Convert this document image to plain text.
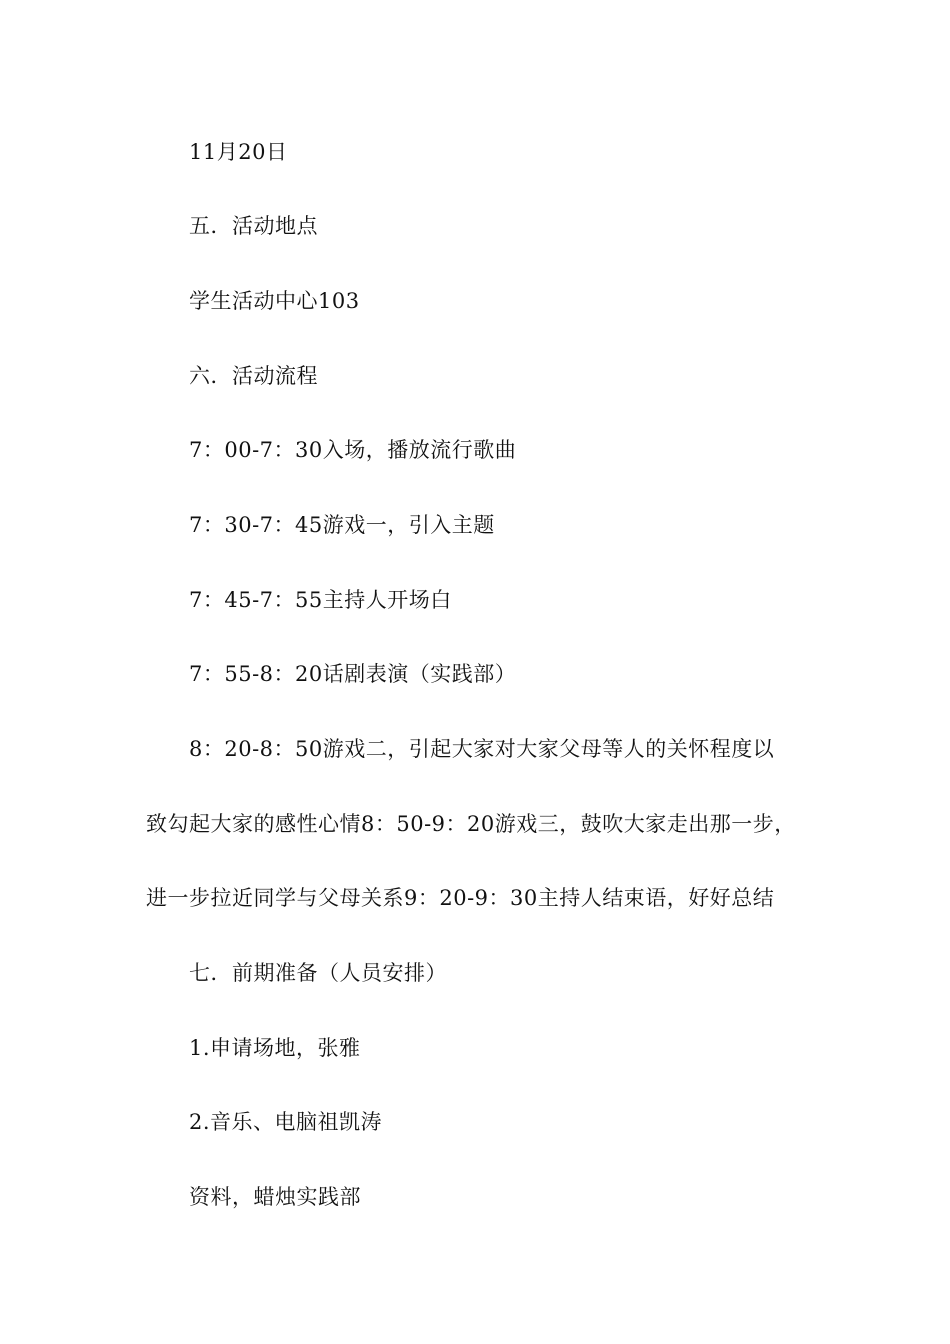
11月20日
五．活动地点
学生活动中心103
六．活动流程
7：00-7：30入场，播放流行歌曲
7：30-7：45游戏一，引入主题
7：45-7：55主持人开场白
7：55-8：20话剧表演（实践部）
8：20-8：50游戏二，引起大家对大家父母等人的关怀程度以
致勾起大家的感性心情8：50-9：20游戏三，鼓吹大家走出那一步，
进一步拉近同学与父母关系9：20-9：30主持人结束语，好好总结
七．前期准备（人员安排）
1.申请场地，张雅
2.音乐、电脑祖凯涛
资料，蜡烛实践部
